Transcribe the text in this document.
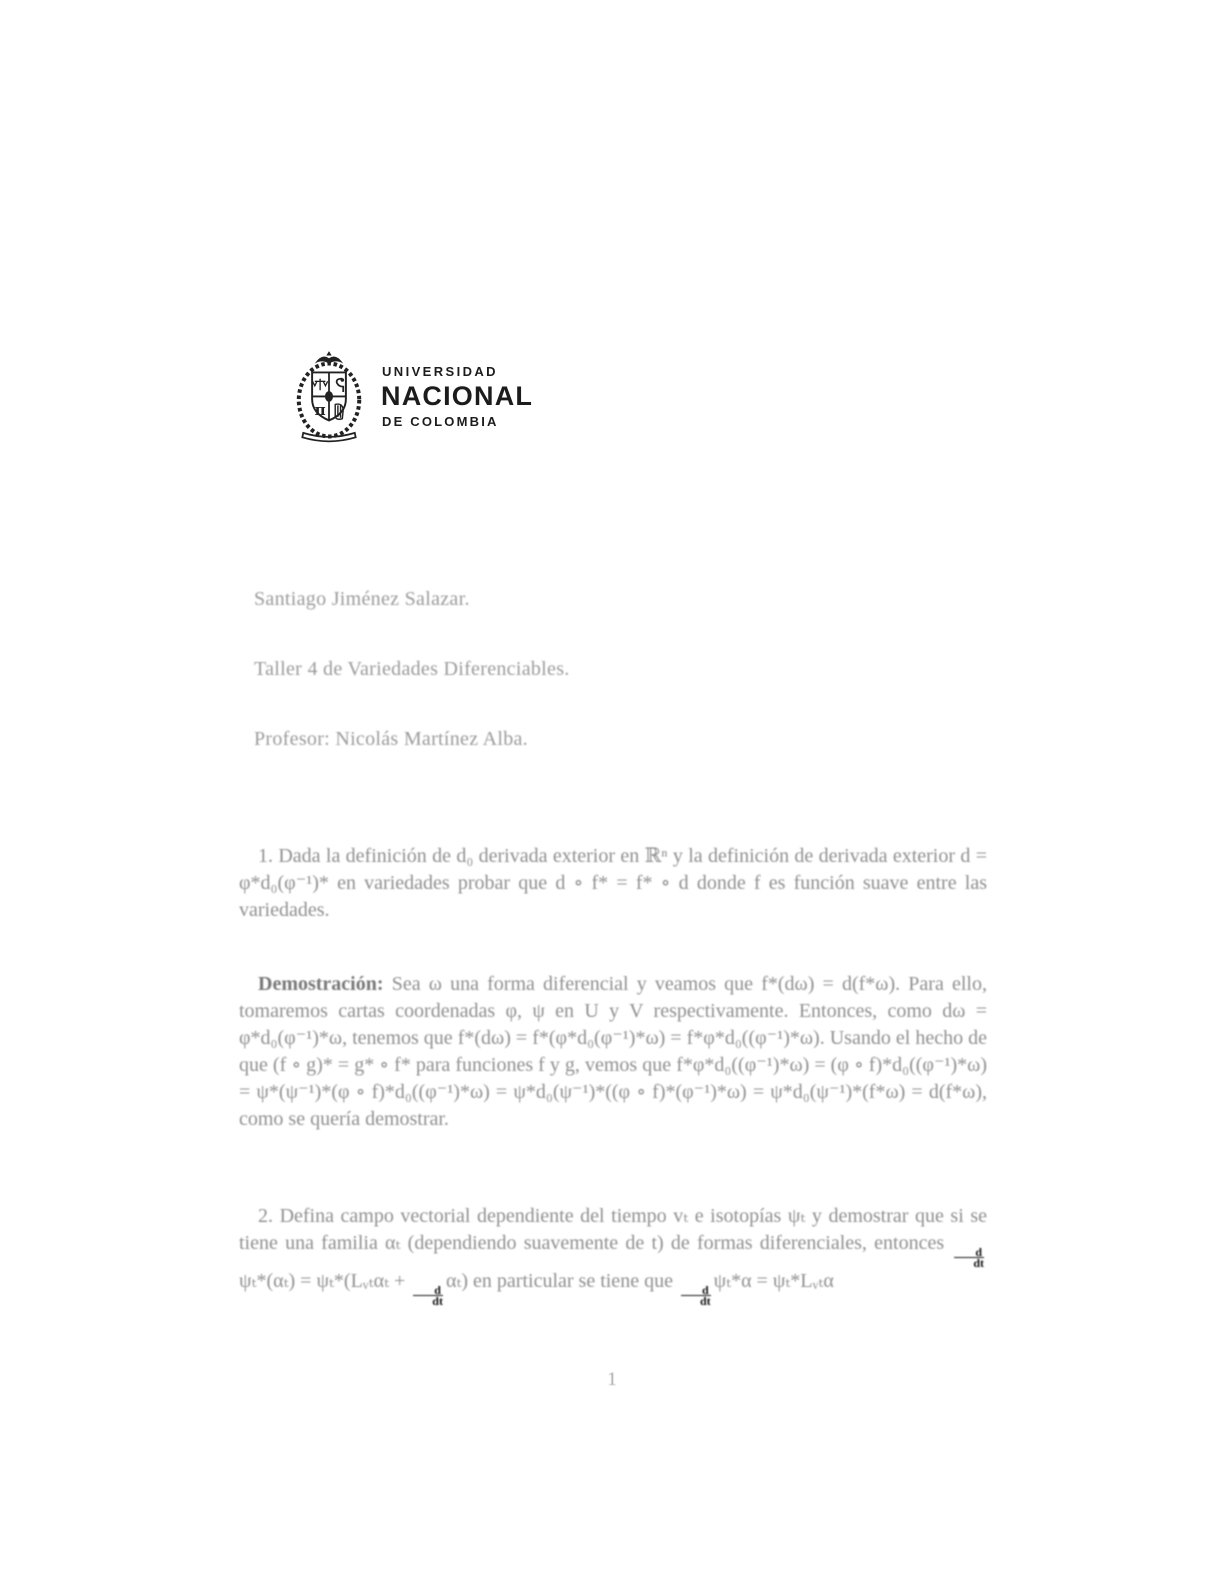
π
UNIVERSIDAD
NACIONAL
DE COLOMBIA

Santiago Jiménez Salazar.

Taller 4 de Variedades Diferenciables.

Profesor: Nicolás Martínez Alba.

1. Dada la definición de d₀ derivada exterior en ℝⁿ y la definición de derivada exterior d = φ*d₀(φ⁻¹)* en variedades probar que d ∘ f* = f* ∘ d donde f es función suave entre las variedades.

Demostración: Sea ω una forma diferencial y veamos que f*(dω) = d(f*ω). Para ello, tomaremos cartas coordenadas φ, ψ en U y V respectivamente. Entonces, como dω = φ*d₀(φ⁻¹)*ω, tenemos que f*(dω) = f*(φ*d₀(φ⁻¹)*ω) = f*φ*d₀((φ⁻¹)*ω). Usando el hecho de que (f ∘ g)* = g* ∘ f* para funciones f y g, vemos que f*φ*d₀((φ⁻¹)*ω) = (φ ∘ f)*d₀((φ⁻¹)*ω) = ψ*(ψ⁻¹)*(φ ∘ f)*d₀((φ⁻¹)*ω) = ψ*d₀(ψ⁻¹)*((φ ∘ f)*(φ⁻¹)*ω) = ψ*d₀(ψ⁻¹)*(f*ω) = d(f*ω), como se quería demostrar.

2. Defina campo vectorial dependiente del tiempo vₜ e isotopías ψₜ y demostrar que si se tiene una familia αₜ (dependiendo suavemente de t) de formas diferenciales, entonces
$\frac{d}{dt}$
ψₜ*(αₜ) = ψₜ*(Lᵥₜαₜ +
$\frac{d}{dt}$
αₜ) en particular se tiene que
$\frac{d}{dt}$
ψₜ*α = ψₜ*Lᵥₜα

1
